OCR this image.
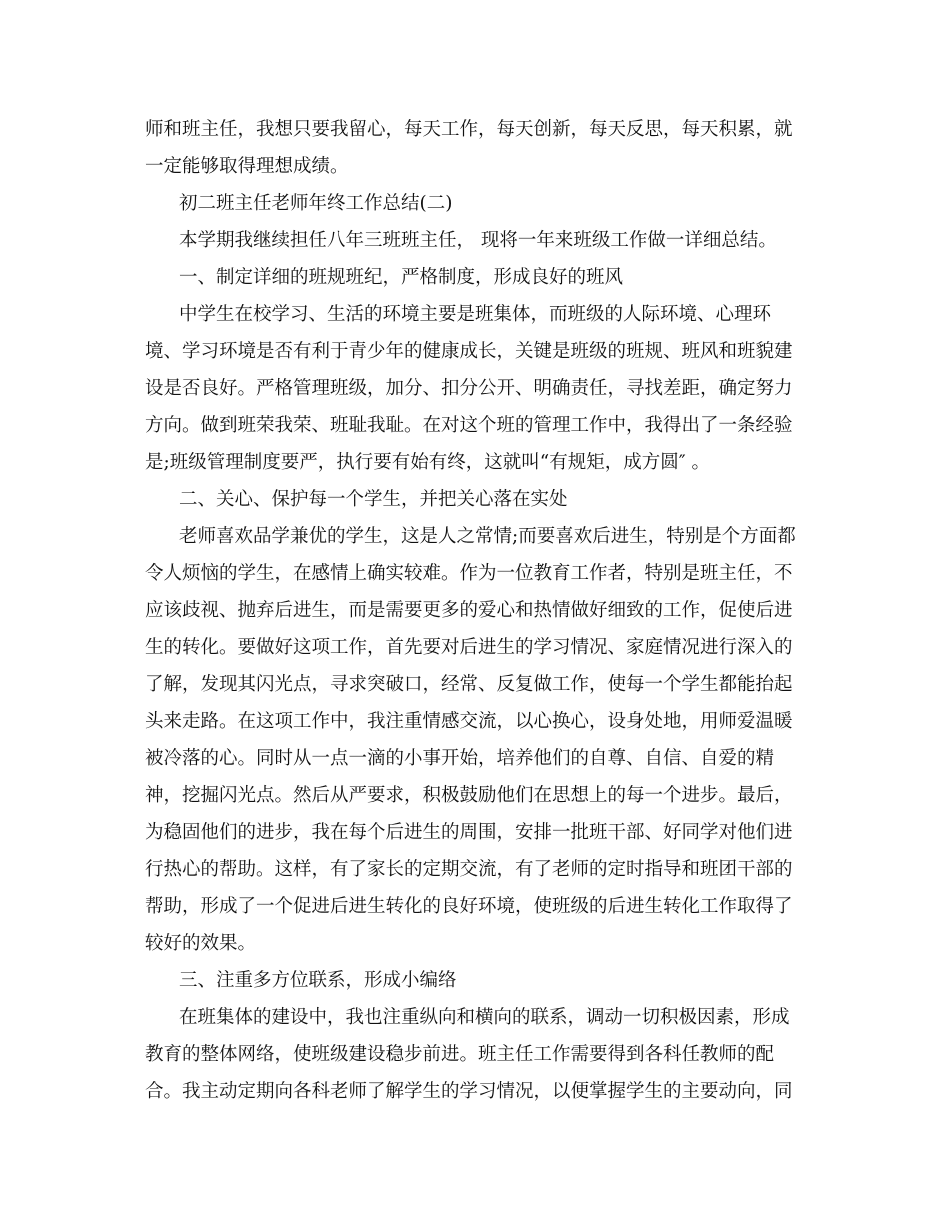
师和班主任，我想只要我留心，每天工作，每天创新，每天反思，每天积累，就
一定能够取得理想成绩。
初二班主任老师年终工作总结(二)
本学期我继续担任八年三班班主任， 现将一年来班级工作做一详细总结。
一、制定详细的班规班纪，严格制度，形成良好的班风
中学生在校学习、生活的环境主要是班集体，而班级的人际环境、心理环
境、学习环境是否有利于青少年的健康成长，关键是班级的班规、班风和班貌建
设是否良好。严格管理班级，加分、扣分公开、明确责任，寻找差距，确定努力
方向。做到班荣我荣、班耻我耻。在对这个班的管理工作中，我得出了一条经验
是;班级管理制度要严，执行要有始有终，这就叫“有规矩，成方圆″ 。
二、关心、保护每一个学生，并把关心落在实处
老师喜欢品学兼优的学生，这是人之常情;而要喜欢后进生，特别是个方面都
令人烦恼的学生，在感情上确实较难。作为一位教育工作者，特别是班主任，不
应该歧视、抛弃后进生，而是需要更多的爱心和热情做好细致的工作，促使后进
生的转化。要做好这项工作，首先要对后进生的学习情况、家庭情况进行深入的
了解，发现其闪光点，寻求突破口，经常、反复做工作，使每一个学生都能抬起
头来走路。在这项工作中，我注重情感交流，以心换心，设身处地，用师爱温暖
被冷落的心。同时从一点一滴的小事开始，培养他们的自尊、自信、自爱的精
神，挖掘闪光点。然后从严要求，积极鼓励他们在思想上的每一个进步。最后，
为稳固他们的进步，我在每个后进生的周围，安排一批班干部、好同学对他们进
行热心的帮助。这样，有了家长的定期交流，有了老师的定时指导和班团干部的
帮助，形成了一个促进后进生转化的良好环境，使班级的后进生转化工作取得了
较好的效果。
三、注重多方位联系，形成小编络
在班集体的建设中，我也注重纵向和横向的联系，调动一切积极因素，形成
教育的整体网络，使班级建设稳步前进。班主任工作需要得到各科任教师的配
合。我主动定期向各科老师了解学生的学习情况，以便掌握学生的主要动向，同
